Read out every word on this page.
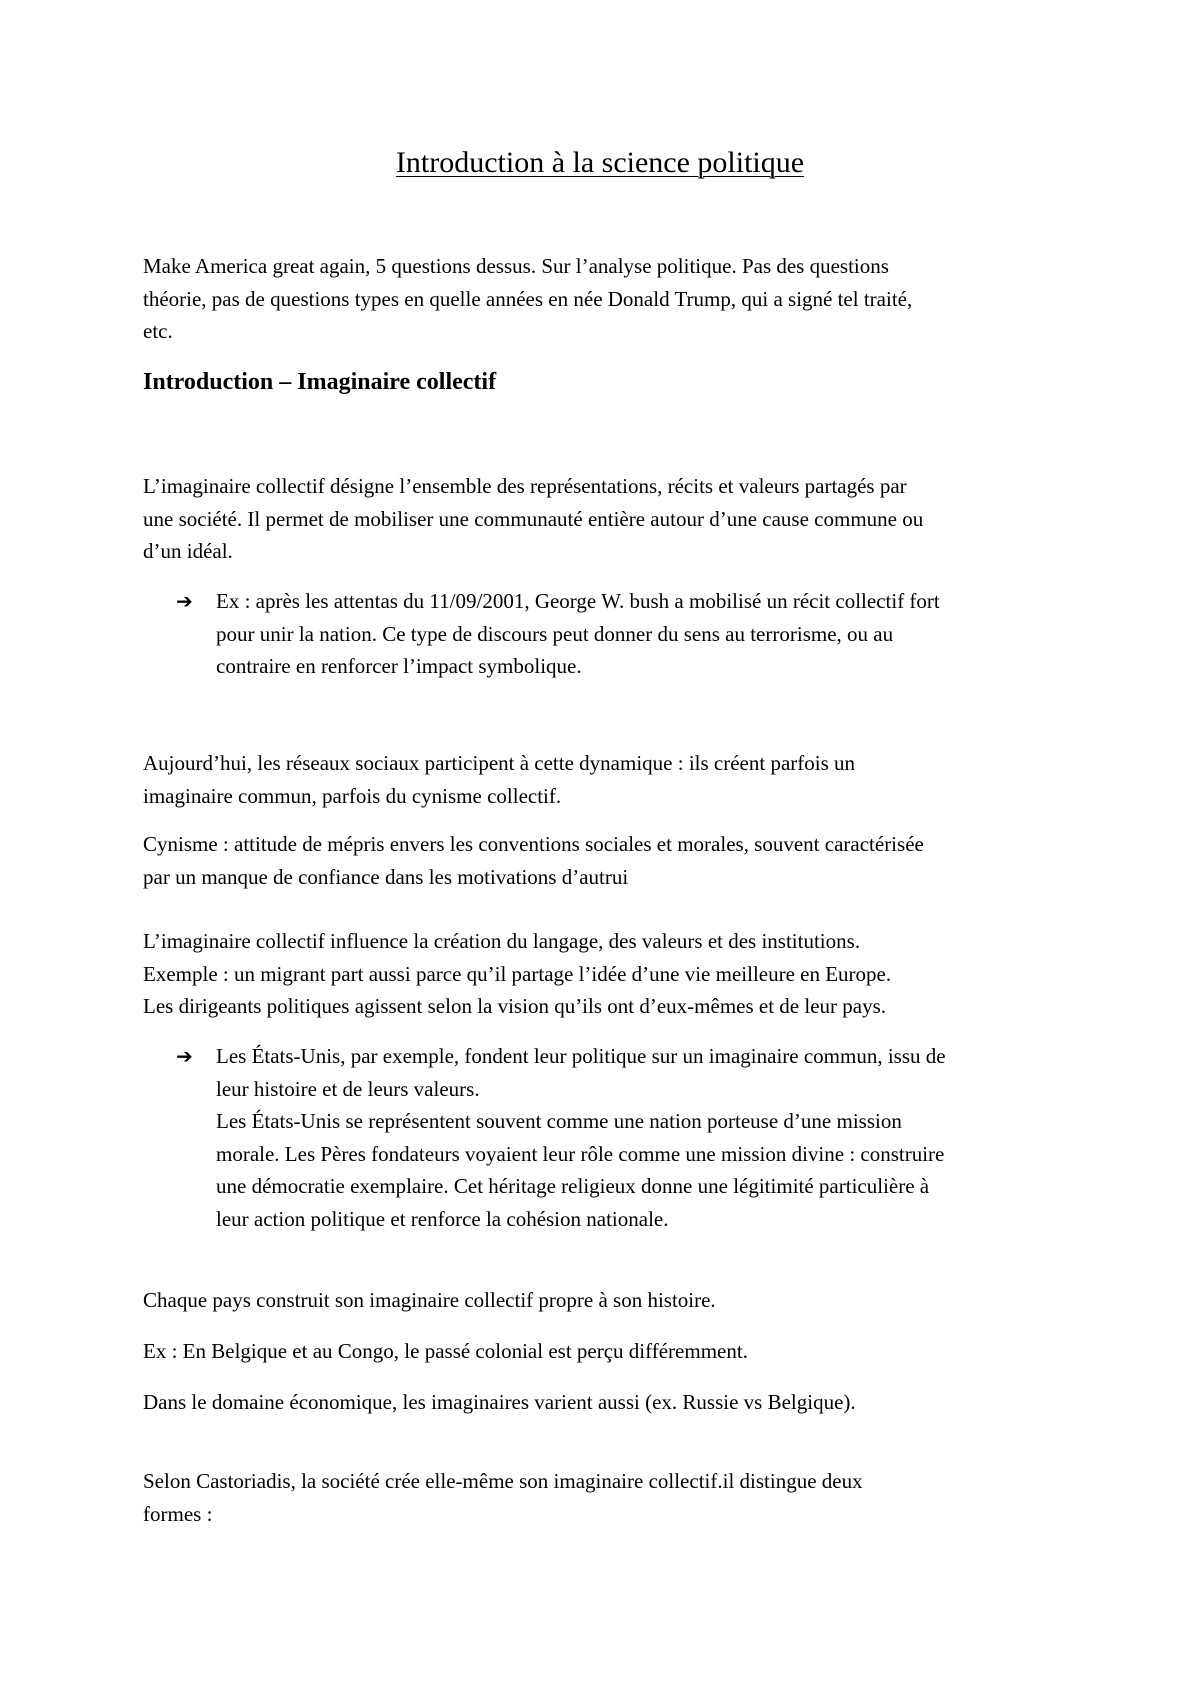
Introduction à la science politique

Make America great again, 5 questions dessus. Sur l’analyse politique. Pas des questions
théorie, pas de questions types en quelle années en née Donald Trump, qui a signé tel traité,
etc.

Introduction – Imaginaire collectif

L’imaginaire collectif désigne l’ensemble des représentations, récits et valeurs partagés par
une société. Il permet de mobiliser une communauté entière autour d’une cause commune ou
d’un idéal.

➔ Ex : après les attentas du 11/09/2001, George W. bush a mobilisé un récit collectif fort
pour unir la nation. Ce type de discours peut donner du sens au terrorisme, ou au
contraire en renforcer l’impact symbolique.

Aujourd’hui, les réseaux sociaux participent à cette dynamique : ils créent parfois un
imaginaire commun, parfois du cynisme collectif.

Cynisme : attitude de mépris envers les conventions sociales et morales, souvent caractérisée
par un manque de confiance dans les motivations d’autrui

L’imaginaire collectif influence la création du langage, des valeurs et des institutions.
Exemple : un migrant part aussi parce qu’il partage l’idée d’une vie meilleure en Europe.
Les dirigeants politiques agissent selon la vision qu’ils ont d’eux-mêmes et de leur pays.

➔ Les États-Unis, par exemple, fondent leur politique sur un imaginaire commun, issu de
leur histoire et de leurs valeurs.
Les États-Unis se représentent souvent comme une nation porteuse d’une mission
morale. Les Pères fondateurs voyaient leur rôle comme une mission divine : construire
une démocratie exemplaire. Cet héritage religieux donne une légitimité particulière à
leur action politique et renforce la cohésion nationale.

Chaque pays construit son imaginaire collectif propre à son histoire.

Ex : En Belgique et au Congo, le passé colonial est perçu différemment.

Dans le domaine économique, les imaginaires varient aussi (ex. Russie vs Belgique).

Selon Castoriadis, la société crée elle-même son imaginaire collectif.il distingue deux
formes :
